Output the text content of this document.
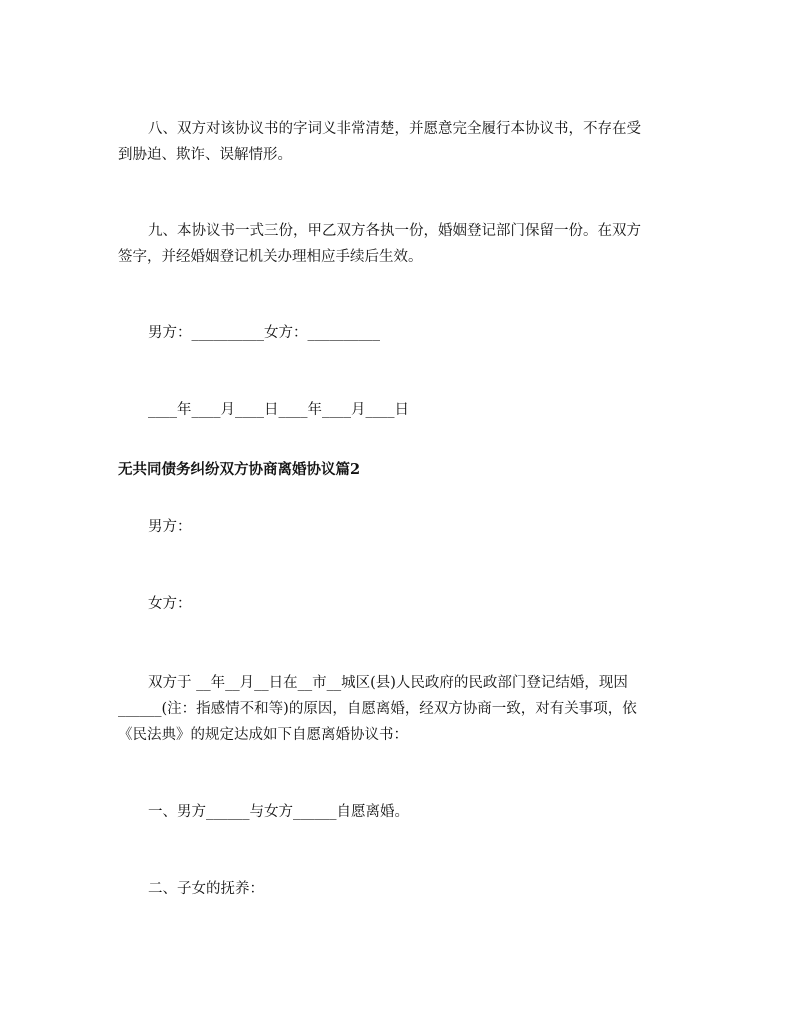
八、双方对该协议书的字词义非常清楚，并愿意完全履行本协议书，不存在受
到胁迫、欺诈、误解情形。
九、本协议书一式三份，甲乙双方各执一份，婚姻登记部门保留一份。在双方
签字，并经婚姻登记机关办理相应手续后生效。
男方：__________女方：__________
____年____月____日____年____月____日
无共同债务纠纷双方协商离婚协议篇2
男方：
女方：
双方于 __年__月__日在__市__城区(县)人民政府的民政部门登记结婚，现因
______(注：指感情不和等)的原因，自愿离婚，经双方协商一致，对有关事项，依
《民法典》的规定达成如下自愿离婚协议书：
一、男方______与女方______自愿离婚。
二、子女的抚养：
